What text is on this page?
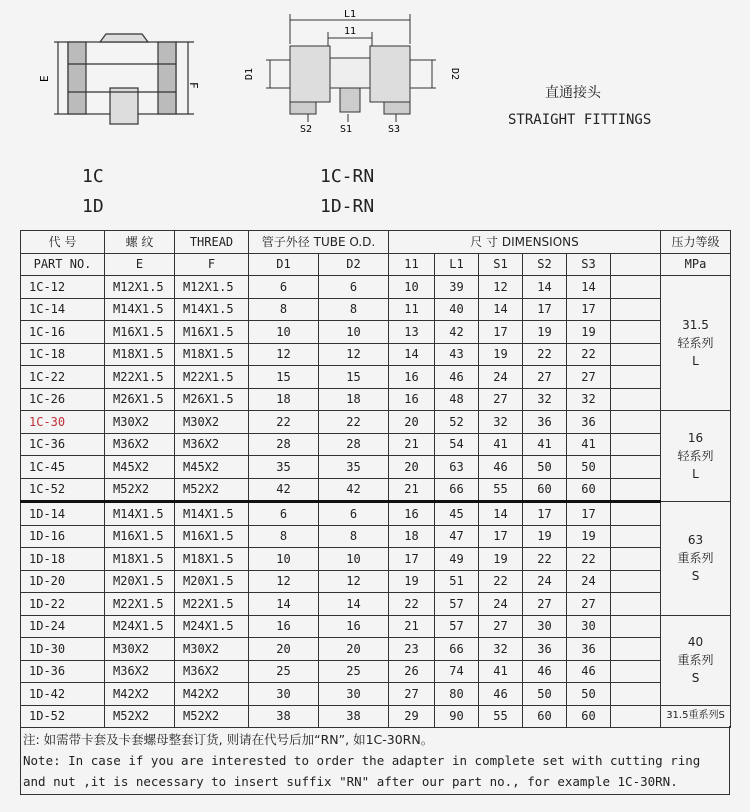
E
F
L1
11
D1	D2
S2	S1	S3
直通接头
STRAIGHT FITTINGS
1C
1D
1C-RN
1D-RN
代 号	螺 纹	THREAD	管子外径 TUBE O.D.		尺 寸 DIMENSIONS						压力等级
PART NO.	E	F	D1	D2	11	L1	S1	S2	S3		MPa
1C-12	M12X1.5	M12X1.5	6	6	10	39	12	14	14		31.5
轻系列
L

1C-14	M14X1.5	M14X1.5	8	8	11	40	14	17	17		
1C-16	M16X1.5	M16X1.5	10	10	13	42	17	19	19		
1C-18	M18X1.5	M18X1.5	12	12	14	43	19	22	22		
1C-22	M22X1.5	M22X1.5	15	15	16	46	24	27	27		
1C-26	M26X1.5	M26X1.5	18	18	16	48	27	32	32		
1C-30	M30X2	M30X2	22	22	20	52	32	36	36		16
轻系列
L

1C-36	M36X2	M36X2	28	28	21	54	41	41	41		
1C-45	M45X2	M45X2	35	35	20	63	46	50	50		
1C-52	M52X2	M52X2	42	42	21	66	55	60	60		
1D-14	M14X1.5	M14X1.5	6	6	16	45	14	17	17		63
重系列
S

1D-16	M16X1.5	M16X1.5	8	8	18	47	17	19	19		
1D-18	M18X1.5	M18X1.5	10	10	17	49	19	22	22		
1D-20	M20X1.5	M20X1.5	12	12	19	51	22	24	24		
1D-22	M22X1.5	M22X1.5	14	14	22	57	24	27	27		
1D-24	M24X1.5	M24X1.5	16	16	21	57	27	30	30		40
重系列
S

1D-30	M30X2	M30X2	20	20	23	66	32	36	36		
1D-36	M36X2	M36X2	25	25	26	74	41	46	46		
1D-42	M42X2	M42X2	30	30	27	80	46	50	50		
1D-52	M52X2	M52X2	38	38	29	90	55	60	60		31.5重系列S
注: 如需带卡套及卡套螺母整套订货, 则请在代号后加“RN”, 如1C-30RN。
Note: In case if you are interested to order the adapter in complete set with cutting ring
and nut ,it is necessary to insert suffix "RN" after our part no., for example 1C-30RN.
